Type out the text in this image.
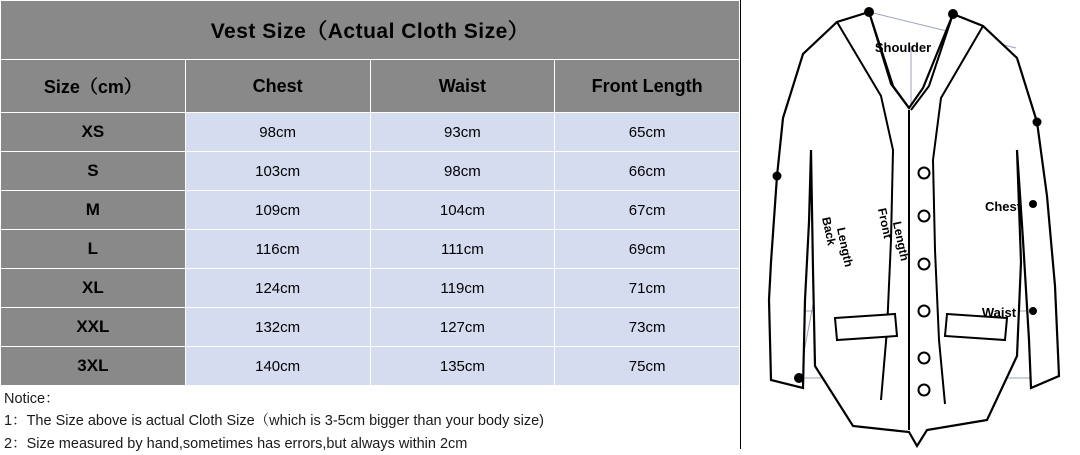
Vest Size（Actual Cloth Size）			
Size（cm）	Chest	Waist	Front Length
XS	98cm	93cm	65cm
S	103cm	98cm	66cm
M	109cm	104cm	67cm
L	116cm	111cm	69cm
XL	124cm	119cm	71cm
XXL	132cm	127cm	73cm
3XL	140cm	135cm	75cm
Notice：
1：The Size above is actual Cloth Size（which is 3-5cm bigger than your body size)
2：Size measured by hand,sometimes has errors,but always within 2cm
Shoulder
Chest
Waist
Back
Length
Front
Length
